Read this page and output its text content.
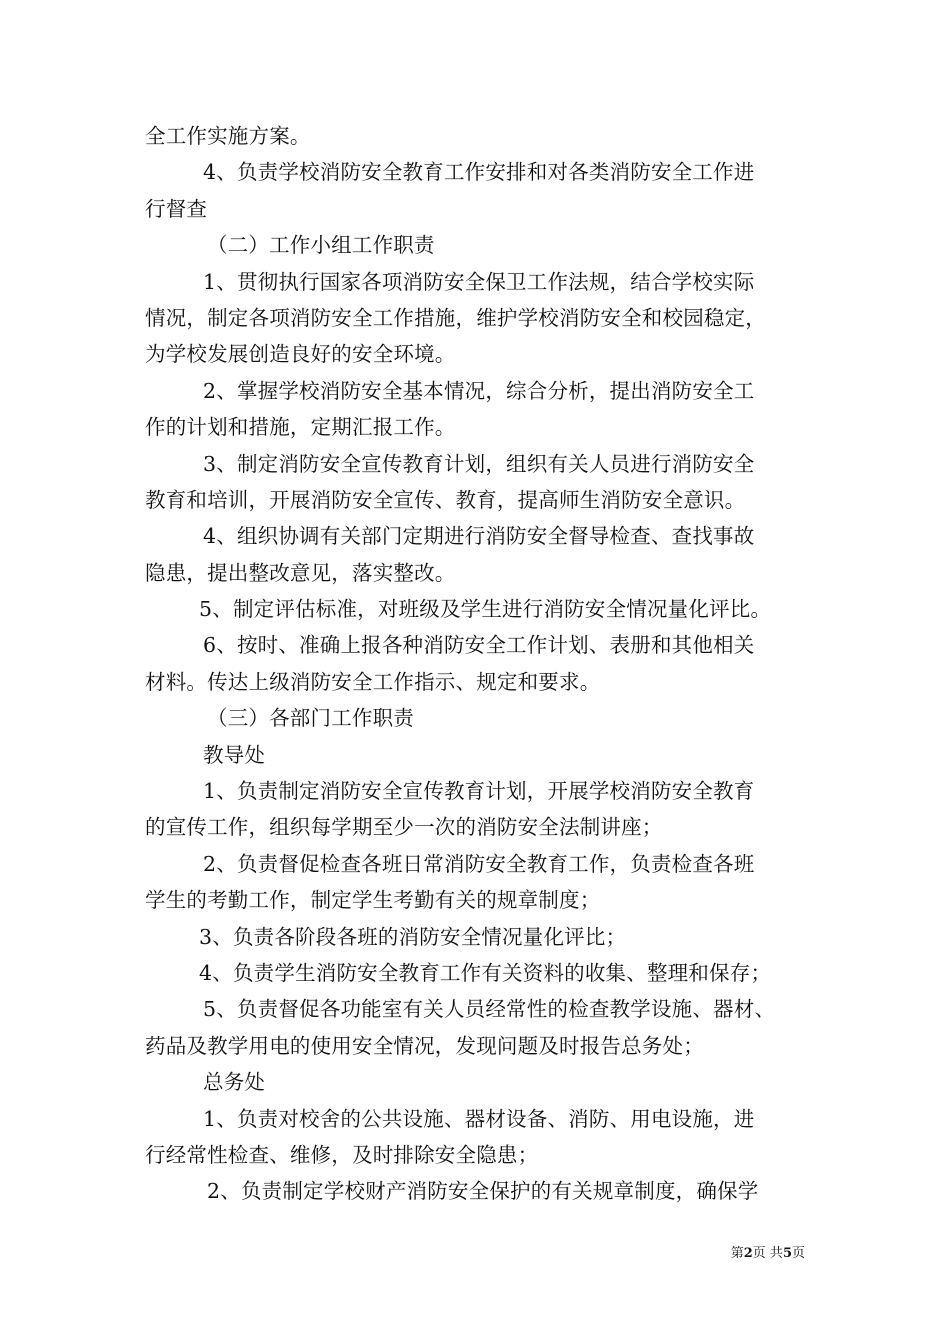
全工作实施方案。
4、负责学校消防安全教育工作安排和对各类消防安全工作进
行督查
（二）工作小组工作职责
1、贯彻执行国家各项消防安全保卫工作法规，结合学校实际
情况，制定各项消防安全工作措施，维护学校消防安全和校园稳定，
为学校发展创造良好的安全环境。
2、掌握学校消防安全基本情况，综合分析，提出消防安全工
作的计划和措施，定期汇报工作。
3、制定消防安全宣传教育计划，组织有关人员进行消防安全
教育和培训，开展消防安全宣传、教育，提高师生消防安全意识。
4、组织协调有关部门定期进行消防安全督导检查、查找事故
隐患，提出整改意见，落实整改。
5、制定评估标准，对班级及学生进行消防安全情况量化评比。
6、按时、准确上报各种消防安全工作计划、表册和其他相关
材料。传达上级消防安全工作指示、规定和要求。
（三）各部门工作职责
教导处
1、负责制定消防安全宣传教育计划，开展学校消防安全教育
的宣传工作，组织每学期至少一次的消防安全法制讲座；
2、负责督促检查各班日常消防安全教育工作，负责检查各班
学生的考勤工作，制定学生考勤有关的规章制度；
3、负责各阶段各班的消防安全情况量化评比；
4、负责学生消防安全教育工作有关资料的收集、整理和保存；
5、负责督促各功能室有关人员经常性的检查教学设施、器材、
药品及教学用电的使用安全情况，发现问题及时报告总务处；
总务处
1、负责对校舍的公共设施、器材设备、消防、用电设施，进
行经常性检查、维修，及时排除安全隐患；
2、负责制定学校财产消防安全保护的有关规章制度，确保学
第2页 共5页
